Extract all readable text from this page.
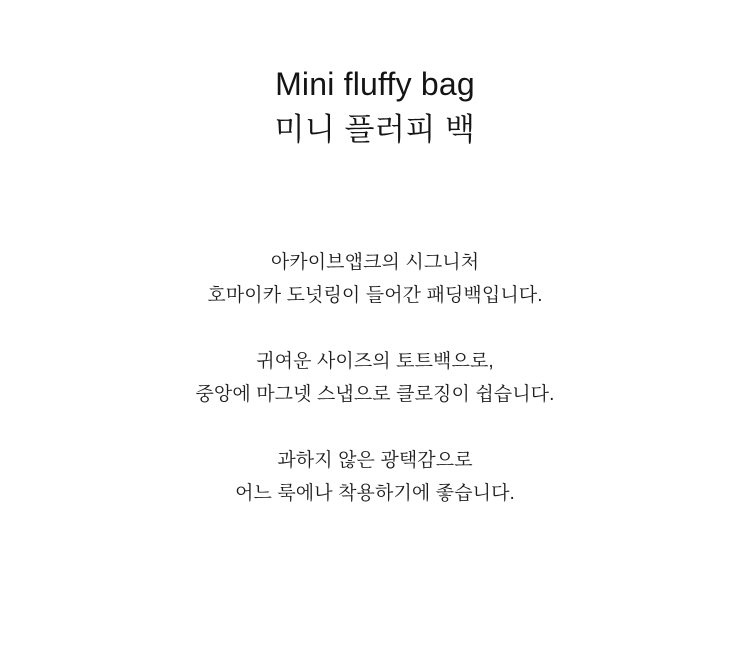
Mini fluffy bag
미니 플러피 백
아카이브앱크의 시그니처
호마이카 도넛링이 들어간 패딩백입니다.
귀여운 사이즈의 토트백으로,
중앙에 마그넷 스냅으로 클로징이 쉽습니다.
과하지 않은 광택감으로
어느 룩에나 착용하기에 좋습니다.
